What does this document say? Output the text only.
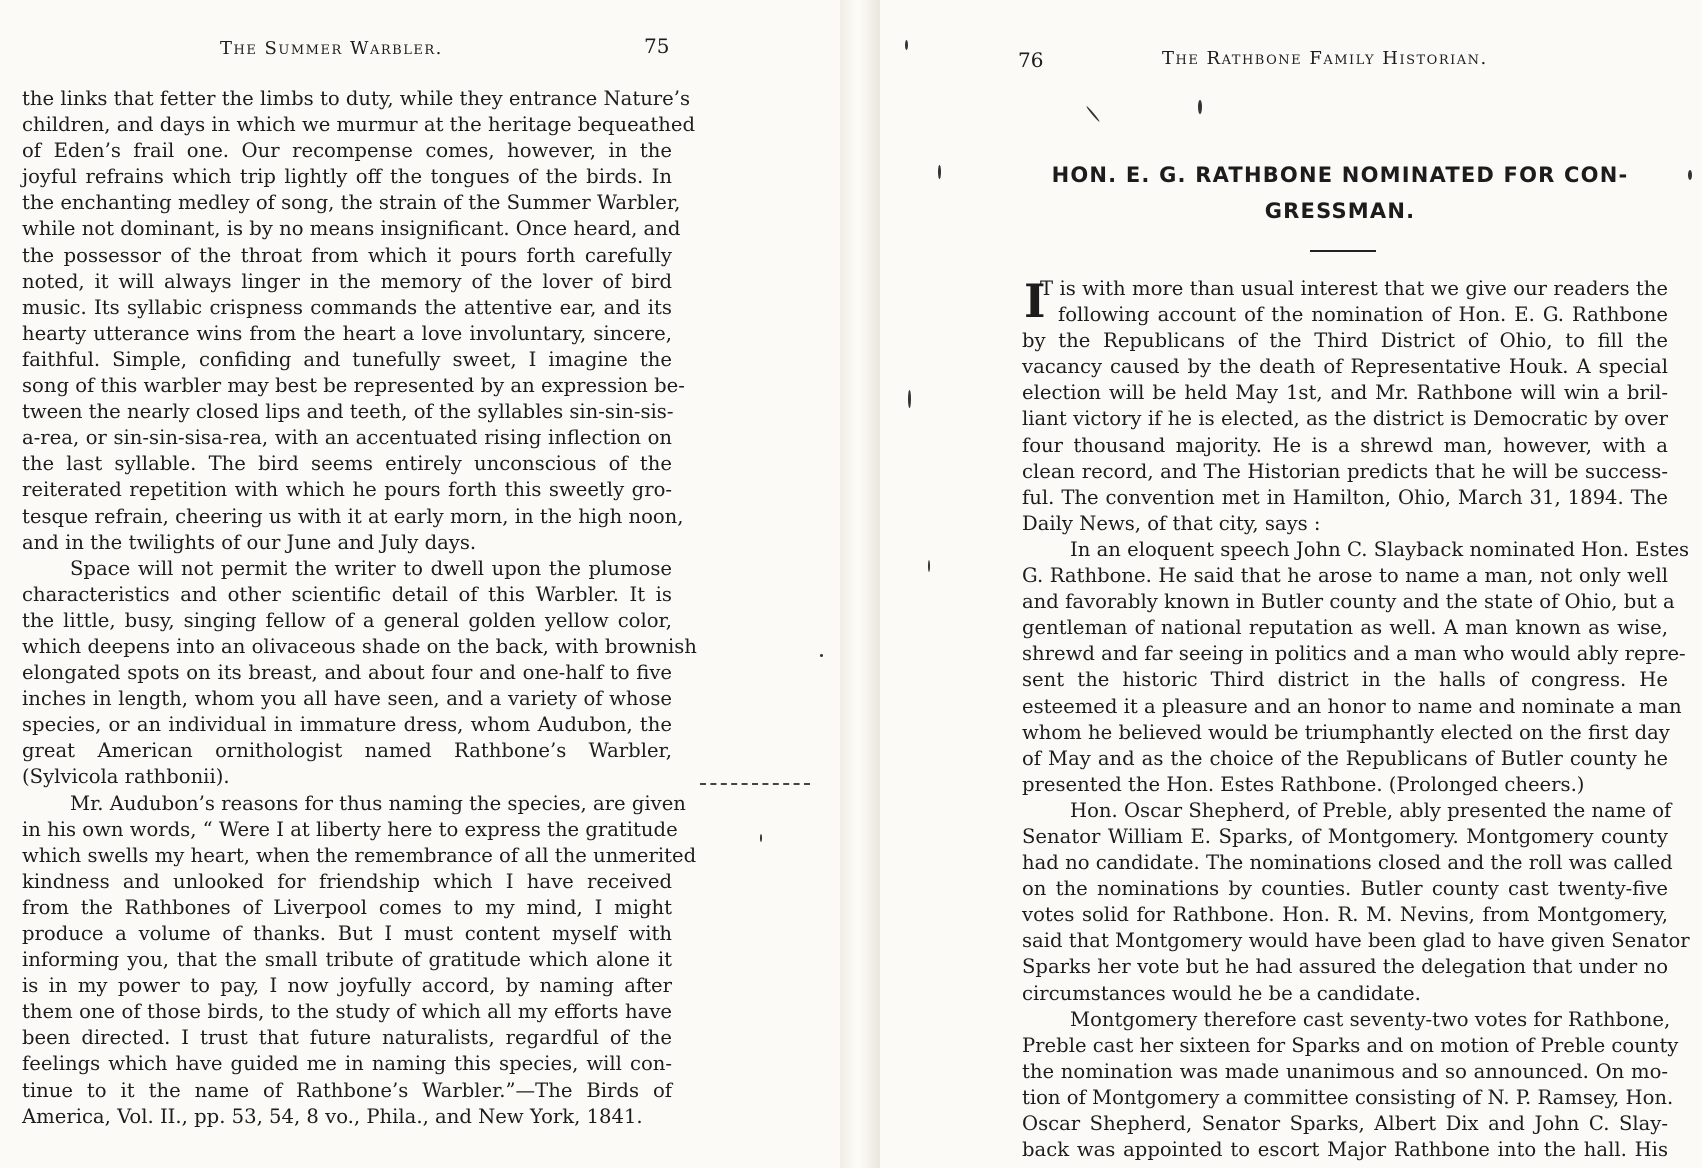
The Summer Warbler.	75
the links that fetter the limbs to duty, while they entrance Nature’s
children, and days in which we murmur at the heritage bequeathed
of Eden’s frail one. Our recompense comes, however, in the
joyful refrains which trip lightly off the tongues of the birds. In
the enchanting medley of song, the strain of the Summer Warbler,
while not dominant, is by no means insignificant. Once heard, and
the possessor of the throat from which it pours forth carefully
noted, it will always linger in the memory of the lover of bird
music. Its syllabic crispness commands the attentive ear, and its
hearty utterance wins from the heart a love involuntary, sincere,
faithful. Simple, confiding and tunefully sweet, I imagine the
song of this warbler may best be represented by an expression be-
tween the nearly closed lips and teeth, of the syllables sin-sin-sis-
a-rea, or sin-sin-sisa-rea, with an accentuated rising inflection on
the last syllable. The bird seems entirely unconscious of the
reiterated repetition with which he pours forth this sweetly gro-
tesque refrain, cheering us with it at early morn, in the high noon,
and in the twilights of our June and July days.
Space will not permit the writer to dwell upon the plumose
characteristics and other scientific detail of this Warbler. It is
the little, busy, singing fellow of a general golden yellow color,
which deepens into an olivaceous shade on the back, with brownish
elongated spots on its breast, and about four and one-half to five
inches in length, whom you all have seen, and a variety of whose
species, or an individual in immature dress, whom Audubon, the
great American ornithologist named Rathbone’s Warbler,
(Sylvicola rathbonii).
Mr. Audubon’s reasons for thus naming the species, are given
in his own words, “ Were I at liberty here to express the gratitude
which swells my heart, when the remembrance of all the unmerited
kindness and unlooked for friendship which I have received
from the Rathbones of Liverpool comes to my mind, I might
produce a volume of thanks. But I must content myself with
informing you, that the small tribute of gratitude which alone it
is in my power to pay, I now joyfully accord, by naming after
them one of those birds, to the study of which all my efforts have
been directed. I trust that future naturalists, regardful of the
feelings which have guided me in naming this species, will con-
tinue to it the name of Rathbone’s Warbler.”—The Birds of
America, Vol. II., pp. 53, 54, 8 vo., Phila., and New York, 1841.
76	The Rathbone Family Historian.
HON. E. G. RATHBONE NOMINATED FOR CON-
GRESSMAN.
I
T is with more than usual interest that we give our readers the
following account of the nomination of Hon. E. G. Rathbone
by the Republicans of the Third District of Ohio, to fill the
vacancy caused by the death of Representative Houk. A special
election will be held May 1st, and Mr. Rathbone will win a bril-
liant victory if he is elected, as the district is Democratic by over
four thousand majority. He is a shrewd man, however, with a
clean record, and The Historian predicts that he will be success-
ful. The convention met in Hamilton, Ohio, March 31, 1894. The
Daily News, of that city, says :
In an eloquent speech John C. Slayback nominated Hon. Estes
G. Rathbone. He said that he arose to name a man, not only well
and favorably known in Butler county and the state of Ohio, but a
gentleman of national reputation as well. A man known as wise,
shrewd and far seeing in politics and a man who would ably repre-
sent the historic Third district in the halls of congress. He
esteemed it a pleasure and an honor to name and nominate a man
whom he believed would be triumphantly elected on the first day
of May and as the choice of the Republicans of Butler county he
presented the Hon. Estes Rathbone. (Prolonged cheers.)
Hon. Oscar Shepherd, of Preble, ably presented the name of
Senator William E. Sparks, of Montgomery. Montgomery county
had no candidate. The nominations closed and the roll was called
on the nominations by counties. Butler county cast twenty-five
votes solid for Rathbone. Hon. R. M. Nevins, from Montgomery,
said that Montgomery would have been glad to have given Senator
Sparks her vote but he had assured the delegation that under no
circumstances would he be a candidate.
Montgomery therefore cast seventy-two votes for Rathbone,
Preble cast her sixteen for Sparks and on motion of Preble county
the nomination was made unanimous and so announced. On mo-
tion of Montgomery a committee consisting of N. P. Ramsey, Hon.
Oscar Shepherd, Senator Sparks, Albert Dix and John C. Slay-
back was appointed to escort Major Rathbone into the hall. His
